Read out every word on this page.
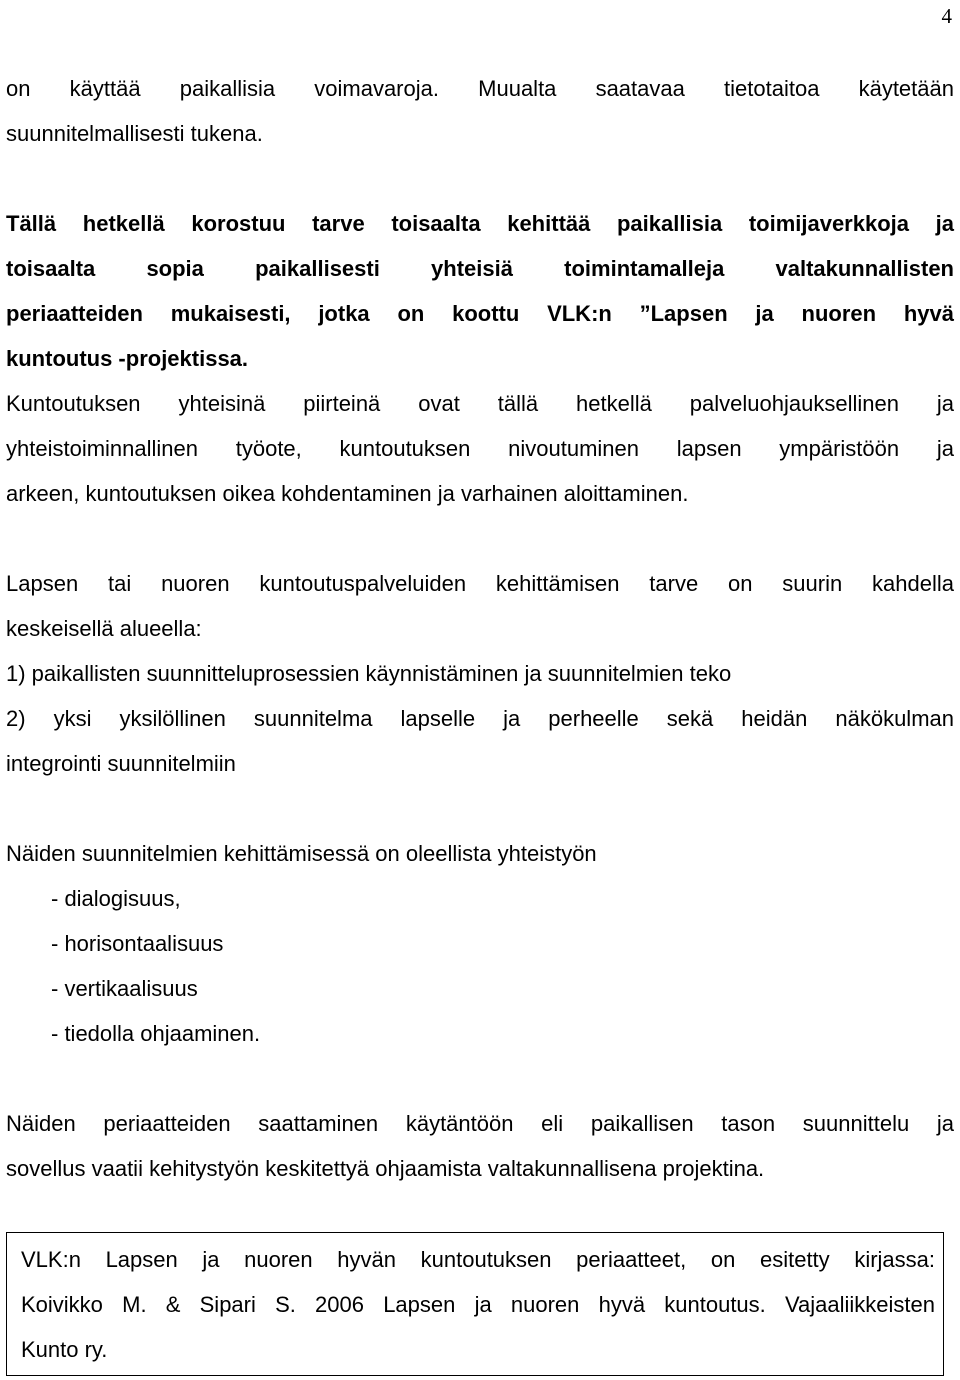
4
on käyttää paikallisia voimavaroja. Muualta saatavaa tietotaitoa käytetään
suunnitelmallisesti tukena.
Tällä hetkellä korostuu tarve toisaalta kehittää paikallisia toimijaverkkoja ja
toisaalta sopia paikallisesti yhteisiä toimintamalleja valtakunnallisten
periaatteiden mukaisesti, jotka on koottu VLK:n ”Lapsen ja nuoren hyvä
kuntoutus -projektissa.
Kuntoutuksen yhteisinä piirteinä ovat tällä hetkellä palveluohjauksellinen ja
yhteistoiminnallinen työote, kuntoutuksen nivoutuminen lapsen ympäristöön ja
arkeen, kuntoutuksen oikea kohdentaminen ja varhainen aloittaminen.
Lapsen tai nuoren kuntoutuspalveluiden kehittämisen tarve on suurin kahdella
keskeisellä alueella:
1) paikallisten suunnitteluprosessien käynnistäminen ja suunnitelmien teko
2) yksi yksilöllinen suunnitelma lapselle ja perheelle sekä heidän näkökulman
integrointi suunnitelmiin
Näiden suunnitelmien kehittämisessä on oleellista yhteistyön
- dialogisuus,
- horisontaalisuus
- vertikaalisuus
- tiedolla ohjaaminen.
Näiden periaatteiden saattaminen käytäntöön eli paikallisen tason suunnittelu ja
sovellus vaatii kehitystyön keskitettyä ohjaamista valtakunnallisena projektina.
VLK:n Lapsen ja nuoren hyvän kuntoutuksen periaatteet, on esitetty kirjassa:
Koivikko M. & Sipari S. 2006 Lapsen ja nuoren hyvä kuntoutus. Vajaaliikkeisten
Kunto ry.
